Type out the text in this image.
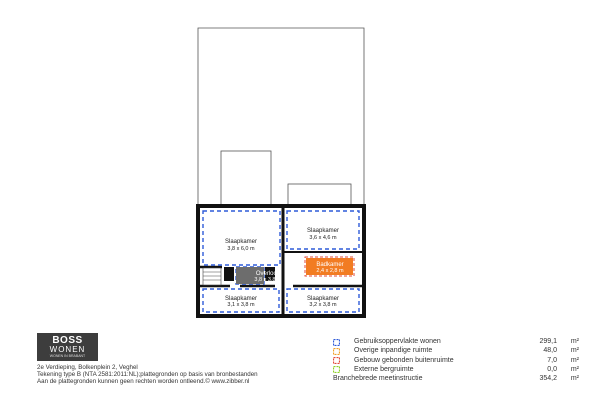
Slaapkamer
3,8 x 6,0 m
Slaapkamer
3,6 x 4,6 m
Badkamer
2,4 x 2,8 m
Overloop
3,8 x 3,8 m
Slaapkamer
3,1 x 3,8 m
Slaapkamer
3,2 x 3,8 m
BOSS
WONEN
WONEN IN BRABANT
2e Verdieping, Bolkenplein 2, Veghel
Tekening type B (NTA 2581:2011:NL);plattegronden op basis van bronbestanden
Aan de plattegronden kunnen geen rechten worden ontleend.© www.zibber.nl
Gebruiksoppervlakte wonen	299,1 m²
Overige inpandige ruimte	48,0 m²
Gebouw gebonden buitenruimte	7,0 m²
Externe bergruimte	0,0 m²
Branchebrede meetinstructie	354,2 m²
